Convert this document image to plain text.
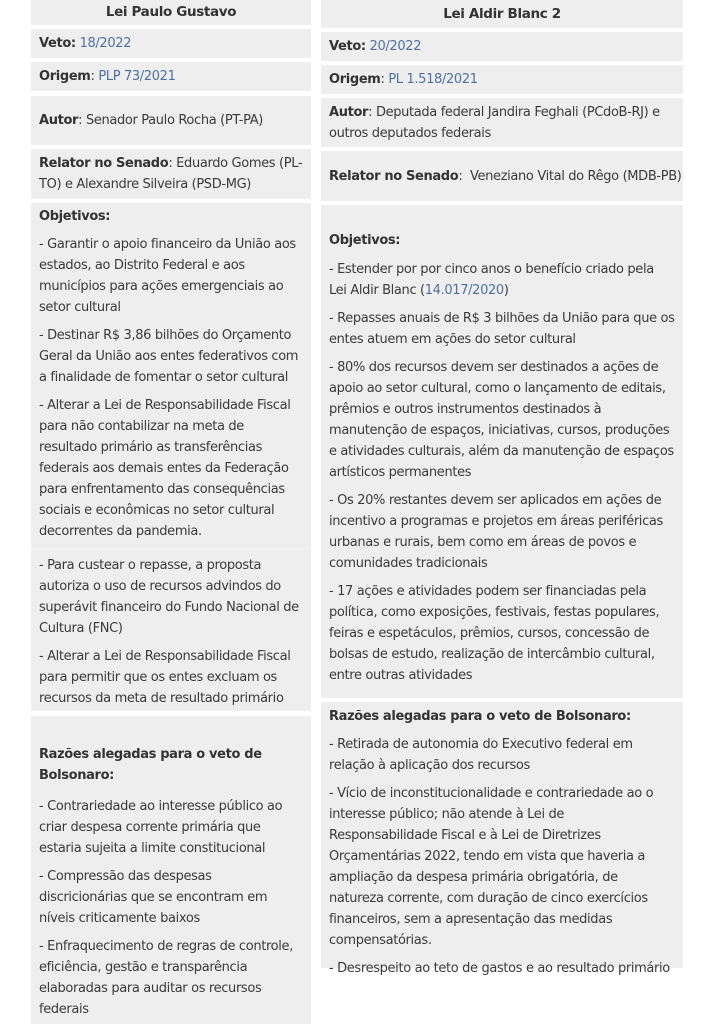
Lei Paulo Gustavo
Veto: 18/2022
Origem: PLP 73/2021
Autor: Senador Paulo Rocha (PT-PA)
Relator no Senado: Eduardo Gomes (PL-TO) e Alexandre Silveira (PSD-MG)

Objetivos:

- Garantir o apoio financeiro da União aos estados, ao Distrito Federal e aos municípios para ações emergenciais ao setor cultural

- Destinar R$ 3,86 bilhões do Orçamento Geral da União aos entes federativos com a finalidade de fomentar o setor cultural

- Alterar a Lei de Responsabilidade Fiscal para não contabilizar na meta de resultado primário as transferências federais aos demais entes da Federação para enfrentamento das consequências sociais e econômicas no setor cultural decorrentes da pandemia.

- Para custear o repasse, a proposta autoriza o uso de recursos advindos do superávit financeiro do Fundo Nacional de Cultura (FNC)

- Alterar a Lei de Responsabilidade Fiscal para permitir que os entes excluam os recursos da meta de resultado primário

Razões alegadas para o veto de Bolsonaro:

- Contrariedade ao interesse público ao criar despesa corrente primária que estaria sujeita a limite constitucional

- Compressão das despesas discricionárias que se encontram em níveis criticamente baixos

- Enfraquecimento de regras de controle, eficiência, gestão e transparência elaboradas para auditar os recursos federais

Lei Aldir Blanc 2
Veto: 20/2022
Origem: PL 1.518/2021
Autor: Deputada federal Jandira Feghali (PCdoB-RJ) e outros deputados federais
Relator no Senado:  Veneziano Vital do Rêgo (MDB-PB)

Objetivos:

- Estender por por cinco anos o benefício criado pela Lei Aldir Blanc (14.017/2020)

- Repasses anuais de R$ 3 bilhões da União para que os entes atuem em ações do setor cultural

- 80% dos recursos devem ser destinados a ações de apoio ao setor cultural, como o lançamento de editais, prêmios e outros instrumentos destinados à manutenção de espaços, iniciativas, cursos, produções e atividades culturais, além da manutenção de espaços artísticos permanentes

- Os 20% restantes devem ser aplicados em ações de incentivo a programas e projetos em áreas periféricas urbanas e rurais, bem como em áreas de povos e comunidades tradicionais

- 17 ações e atividades podem ser financiadas pela política, como exposições, festivais, festas populares, feiras e espetáculos, prêmios, cursos, concessão de bolsas de estudo, realização de intercâmbio cultural, entre outras atividades

Razões alegadas para o veto de Bolsonaro:

- Retirada de autonomia do Executivo federal em relação à aplicação dos recursos

- Vício de inconstitucionalidade e contrariedade ao o interesse público; não atende à Lei de Responsabilidade Fiscal e à Lei de Diretrizes Orçamentárias 2022, tendo em vista que haveria a ampliação da despesa primária obrigatória, de natureza corrente, com duração de cinco exercícios financeiros, sem a apresentação das medidas compensatórias.

- Desrespeito ao teto de gastos e ao resultado primário
